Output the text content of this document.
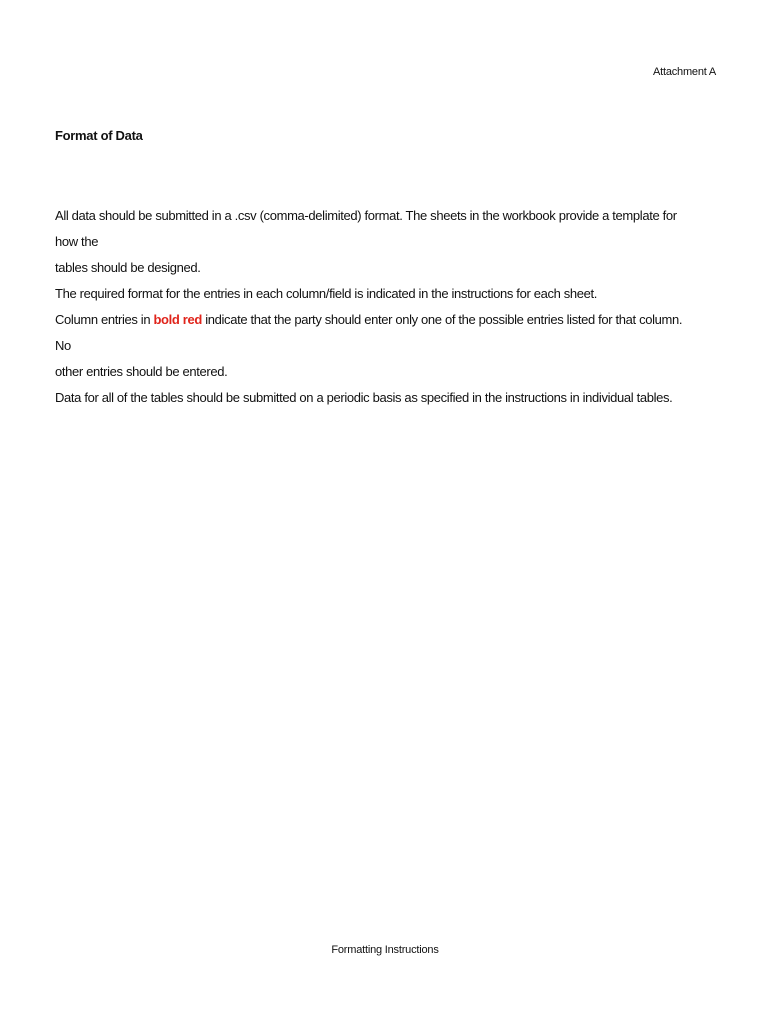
Attachment A
Format of Data

All data should be submitted in a .csv (comma-delimited) format. The sheets in the workbook provide a template for how the
tables should be designed.

The required format for the entries in each column/field is indicated in the instructions for each sheet.

Column entries in bold red indicate that the party should enter only one of the possible entries listed for that column. No
other entries should be entered.

Data for all of the tables should be submitted on a periodic basis as specified in the instructions in individual tables.

Formatting Instructions
